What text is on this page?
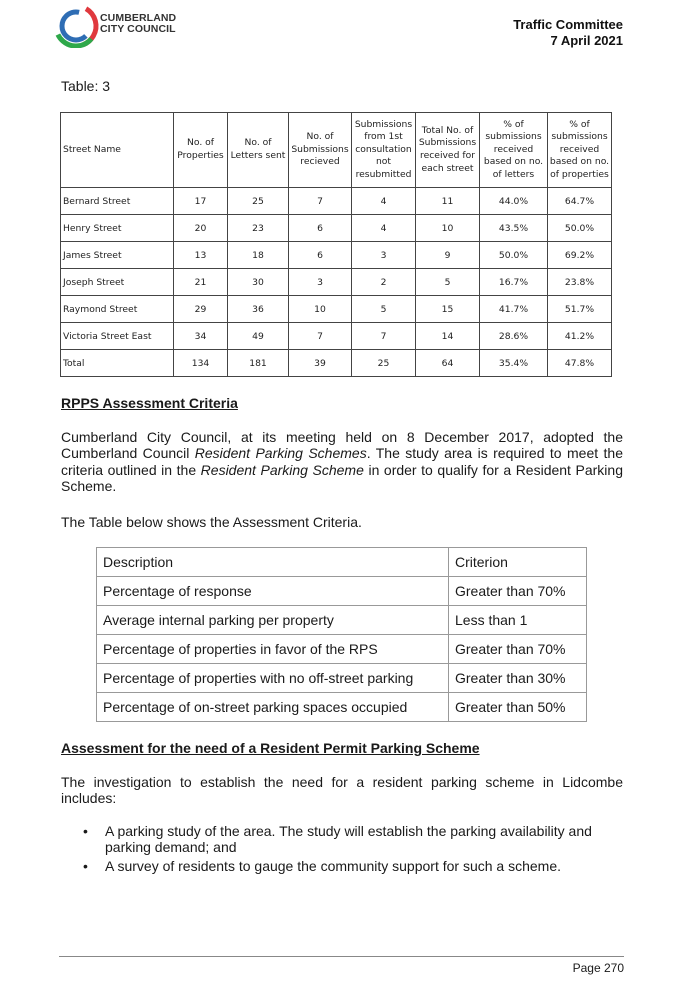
CUMBERLAND
CITY COUNCIL	Traffic Committee
7 April 2021
Table: 3
Street Name	No. of Properties	No. of Letters sent	No. of Submissions recieved	Submissions from 1st consultation not resubmitted	Total No. of Submissions received for each street	% of submissions received based on no. of letters	% of submissions received based on no. of properties
Bernard Street	17	25	7	4	11	44.0%	64.7%
Henry Street	20	23	6	4	10	43.5%	50.0%
James Street	13	18	6	3	9	50.0%	69.2%
Joseph Street	21	30	3	2	5	16.7%	23.8%
Raymond Street	29	36	10	5	15	41.7%	51.7%
Victoria Street East	34	49	7	7	14	28.6%	41.2%
Total	134	181	39	25	64	35.4%	47.8%
RPPS Assessment Criteria
Cumberland City Council, at its meeting held on 8 December 2017, adopted the Cumberland Council Resident Parking Schemes. The study area is required to meet the criteria outlined in the Resident Parking Scheme in order to qualify for a Resident Parking Scheme.
The Table below shows the Assessment Criteria.
Description	Criterion
Percentage of response	Greater than 70%
Average internal parking per property	Less than 1
Percentage of properties in favor of the RPS	Greater than 70%
Percentage of properties with no off-street parking	Greater than 30%
Percentage of on-street parking spaces occupied	Greater than 50%
Assessment for the need of a Resident Permit Parking Scheme
The investigation to establish the need for a resident parking scheme in Lidcombe includes:
• A parking study of the area. The study will establish the parking availability and parking demand; and
• A survey of residents to gauge the community support for such a scheme.
Page 270
